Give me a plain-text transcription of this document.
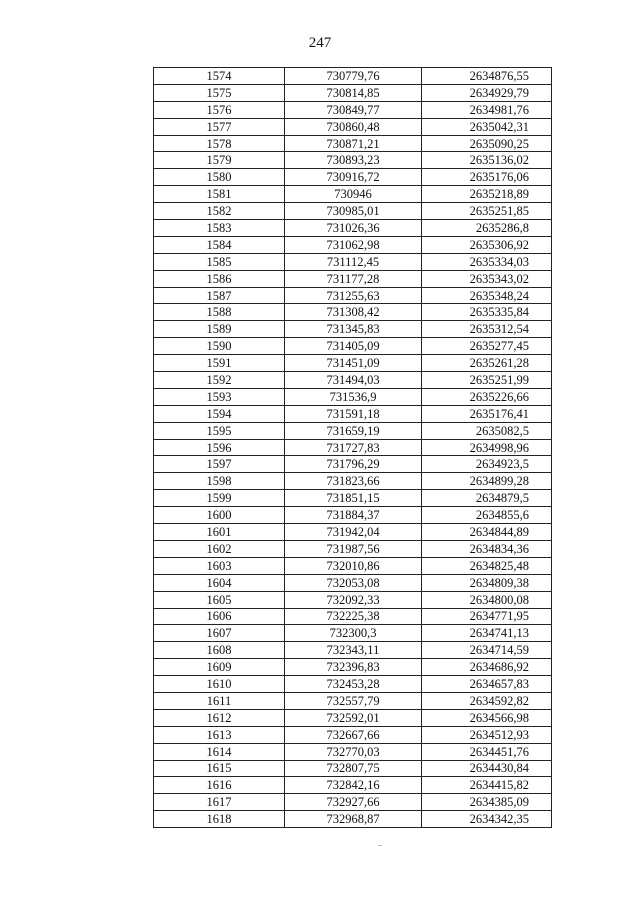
247
1574	730779,76	2634876,55
1575	730814,85	2634929,79
1576	730849,77	2634981,76
1577	730860,48	2635042,31
1578	730871,21	2635090,25
1579	730893,23	2635136,02
1580	730916,72	2635176,06
1581	730946	2635218,89
1582	730985,01	2635251,85
1583	731026,36	2635286,8
1584	731062,98	2635306,92
1585	731112,45	2635334,03
1586	731177,28	2635343,02
1587	731255,63	2635348,24
1588	731308,42	2635335,84
1589	731345,83	2635312,54
1590	731405,09	2635277,45
1591	731451,09	2635261,28
1592	731494,03	2635251,99
1593	731536,9	2635226,66
1594	731591,18	2635176,41
1595	731659,19	2635082,5
1596	731727,83	2634998,96
1597	731796,29	2634923,5
1598	731823,66	2634899,28
1599	731851,15	2634879,5
1600	731884,37	2634855,6
1601	731942,04	2634844,89
1602	731987,56	2634834,36
1603	732010,86	2634825,48
1604	732053,08	2634809,38
1605	732092,33	2634800,08
1606	732225,38	2634771,95
1607	732300,3	2634741,13
1608	732343,11	2634714,59
1609	732396,83	2634686,92
1610	732453,28	2634657,83
1611	732557,79	2634592,82
1612	732592,01	2634566,98
1613	732667,66	2634512,93
1614	732770,03	2634451,76
1615	732807,75	2634430,84
1616	732842,16	2634415,82
1617	732927,66	2634385,09
1618	732968,87	2634342,35
